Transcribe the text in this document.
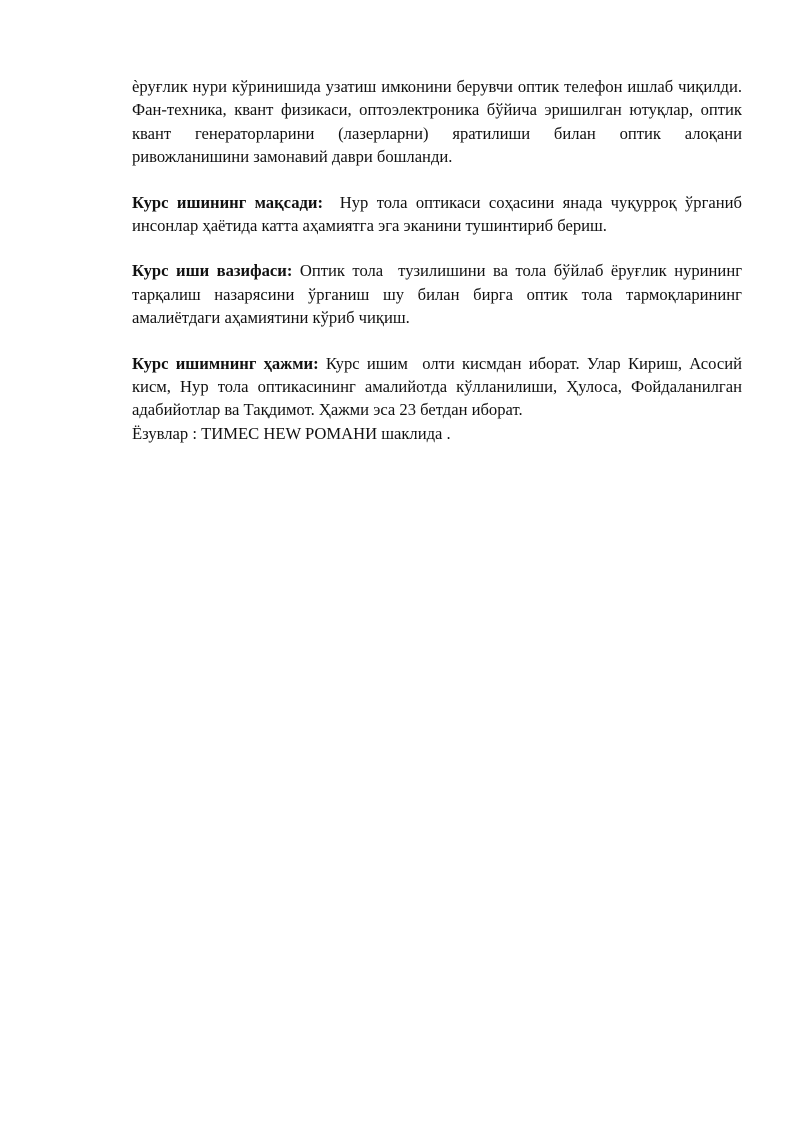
ѐруғлик нури кўринишида узатиш имконини берувчи оптик телефон ишлаб чиқилди. Фан-техника, квант физикаси, оптоэлектроника бўйича эришилган ютуқлар, оптик квант генераторларини (лазерларни) яратилиши билан оптик алоқани ривожланишини замонавий даври бошланди.

Курс ишининг мақсади:  Нур тола оптикаси соҳасини янада чуқурроқ ўрганиб инсонлар ҳаётида катта аҳамиятга эга эканини тушинтириб бериш.

Курс иши вазифаси: Оптик тола  тузилишини ва тола бўйлаб ёруғлик нурининг тарқалиш назарясини ўрганиш шу билан бирга оптик тола тармоқларининг амалиётдаги аҳамиятини кўриб чиқиш.

Курс ишимнинг ҳажми: Курс ишим  олти кисмдан иборат. Улар Кириш, Асосий кисм, Нур тола оптикасининг амалийотда кўлланилиши, Ҳулоса, Фойдаланилган адабийотлар ва Тақдимот. Ҳажми эса 23 бетдан иборат.

Ёзувлар : ТИМЕС НЕW РОМАНИ шаклида .
